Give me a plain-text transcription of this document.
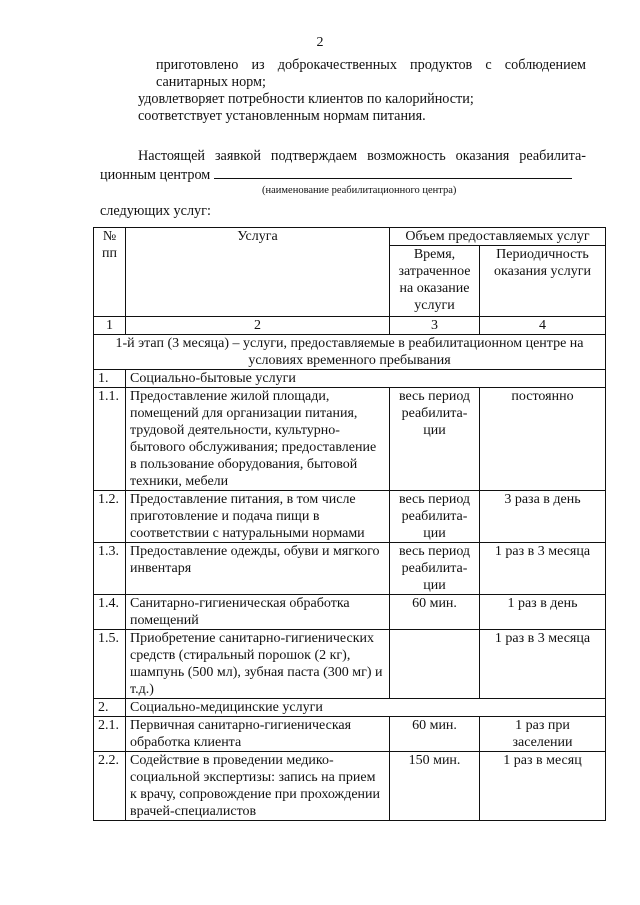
2

приготовлено из доброкачественных продуктов с соблюдением

санитарных норм;

удовлетворяет потребности клиентов по калорийности;

соответствует установленным нормам питания.

Настоящей заявкой подтверждаем возможность оказания реабилита-

ционным центром

(наименование реабилитационного центра)

следующих услуг:

№ пп	Услуга	Объем предоставляемых услуг	
		Время, затраченное на оказание услуги	Периодичность оказания услуги
1	2	3	4
1-й этап (3 месяца) – услуги, предоставляемые в реабилитационном центре на условиях временного пребывания			
1.	Социально-бытовые услуги		
1.1.	Предоставление жилой площади, помещений для организации питания, трудовой деятельности, культурно-бытового обслуживания; предоставление в пользование оборудования, бытовой техники, мебели	весь период реабилита-ции	постоянно
1.2.	Предоставление питания, в том числе приготовление и подача пищи в соответствии с натуральными нормами	весь период реабилита-ции	3 раза в день
1.3.	Предоставление одежды, обуви и мягкого инвентаря	весь период реабилита-ции	1 раз в 3 месяца
1.4.	Санитарно-гигиеническая обработка помещений	60 мин.	1 раз в день
1.5.	Приобретение санитарно-гигиенических средств (стиральный порошок (2 кг), шампунь (500 мл), зубная паста (300 мг) и т.д.)		1 раз в 3 месяца
2.	Социально-медицинские услуги		
2.1.	Первичная санитарно-гигиеническая обработка клиента	60 мин.	1 раз при заселении
2.2.	Содействие в проведении медико-социальной экспертизы: запись на прием к врачу, сопровождение при прохождении врачей-специалистов	150 мин.	1 раз в месяц
